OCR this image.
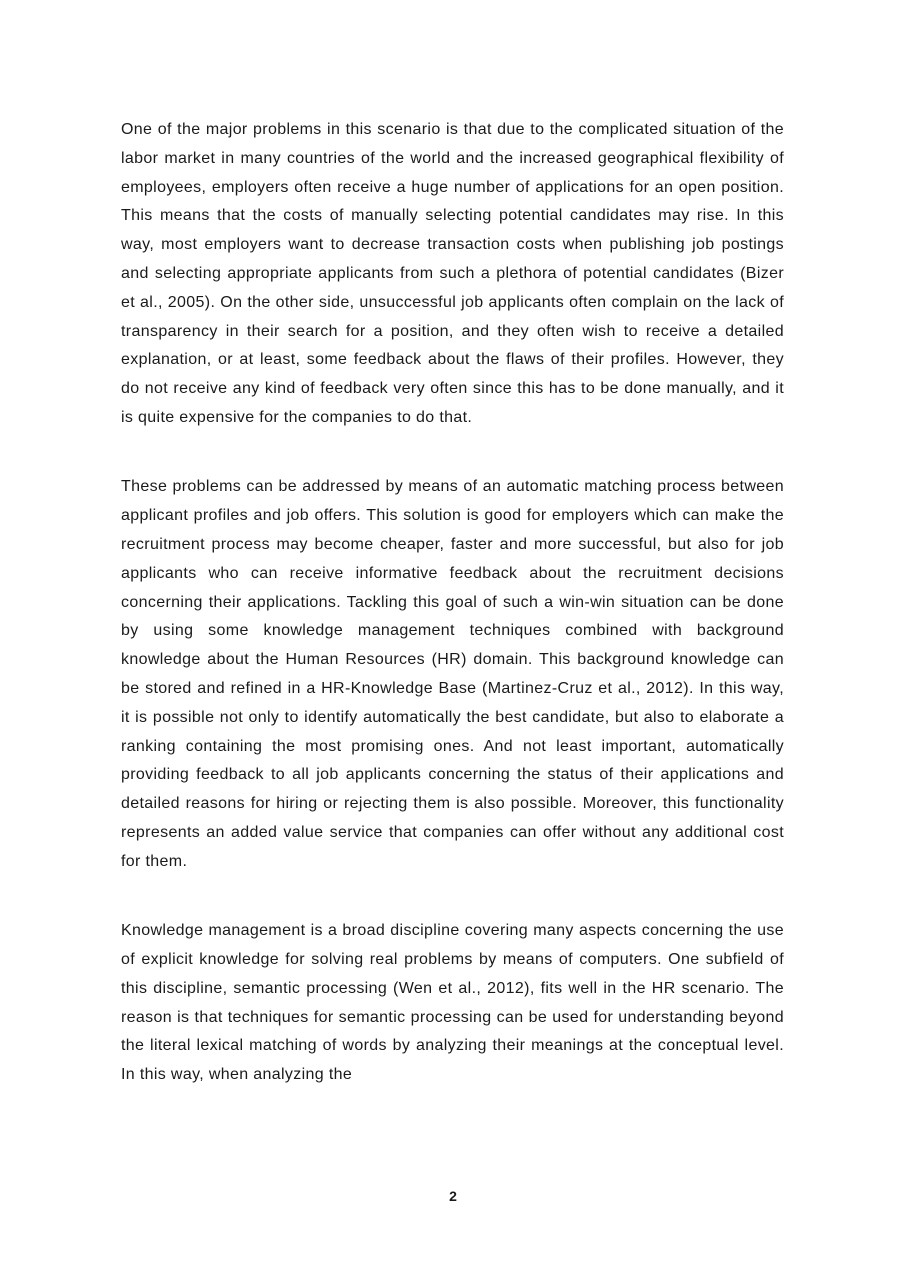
One of the major problems in this scenario is that due to the complicated situation of the labor market in many countries of the world and the increased geographical flexibility of employees, employers often receive a huge number of applications for an open position. This means that the costs of manually selecting potential candidates may rise. In this way, most employers want to decrease transaction costs when publishing job postings and selecting appropriate applicants from such a plethora of potential candidates (Bizer et al., 2005). On the other side, unsuccessful job applicants often complain on the lack of transparency in their search for a position, and they often wish to receive a detailed explanation, or at least, some feedback about the flaws of their profiles. However, they do not receive any kind of feedback very often since this has to be done manually, and it is quite expensive for the companies to do that.

These problems can be addressed by means of an automatic matching process between applicant profiles and job offers. This solution is good for employers which can make the recruitment process may become cheaper, faster and more successful, but also for job applicants who can receive informative feedback about the recruitment decisions concerning their applications. Tackling this goal of such a win-win situation can be done by using some knowledge management techniques combined with background knowledge about the Human Resources (HR) domain. This background knowledge can be stored and refined in a HR-Knowledge Base (Martinez-Cruz et al., 2012). In this way, it is possible not only to identify automatically the best candidate, but also to elaborate a ranking containing the most promising ones. And not least important, automatically providing feedback to all job applicants concerning the status of their applications and detailed reasons for hiring or rejecting them is also possible. Moreover, this functionality represents an added value service that companies can offer without any additional cost for them.

Knowledge management is a broad discipline covering many aspects concerning the use of explicit knowledge for solving real problems by means of computers. One subfield of this discipline, semantic processing (Wen et al., 2012), fits well in the HR scenario. The reason is that techniques for semantic processing can be used for understanding beyond the literal lexical matching of words by analyzing their meanings at the conceptual level. In this way, when analyzing the

2
